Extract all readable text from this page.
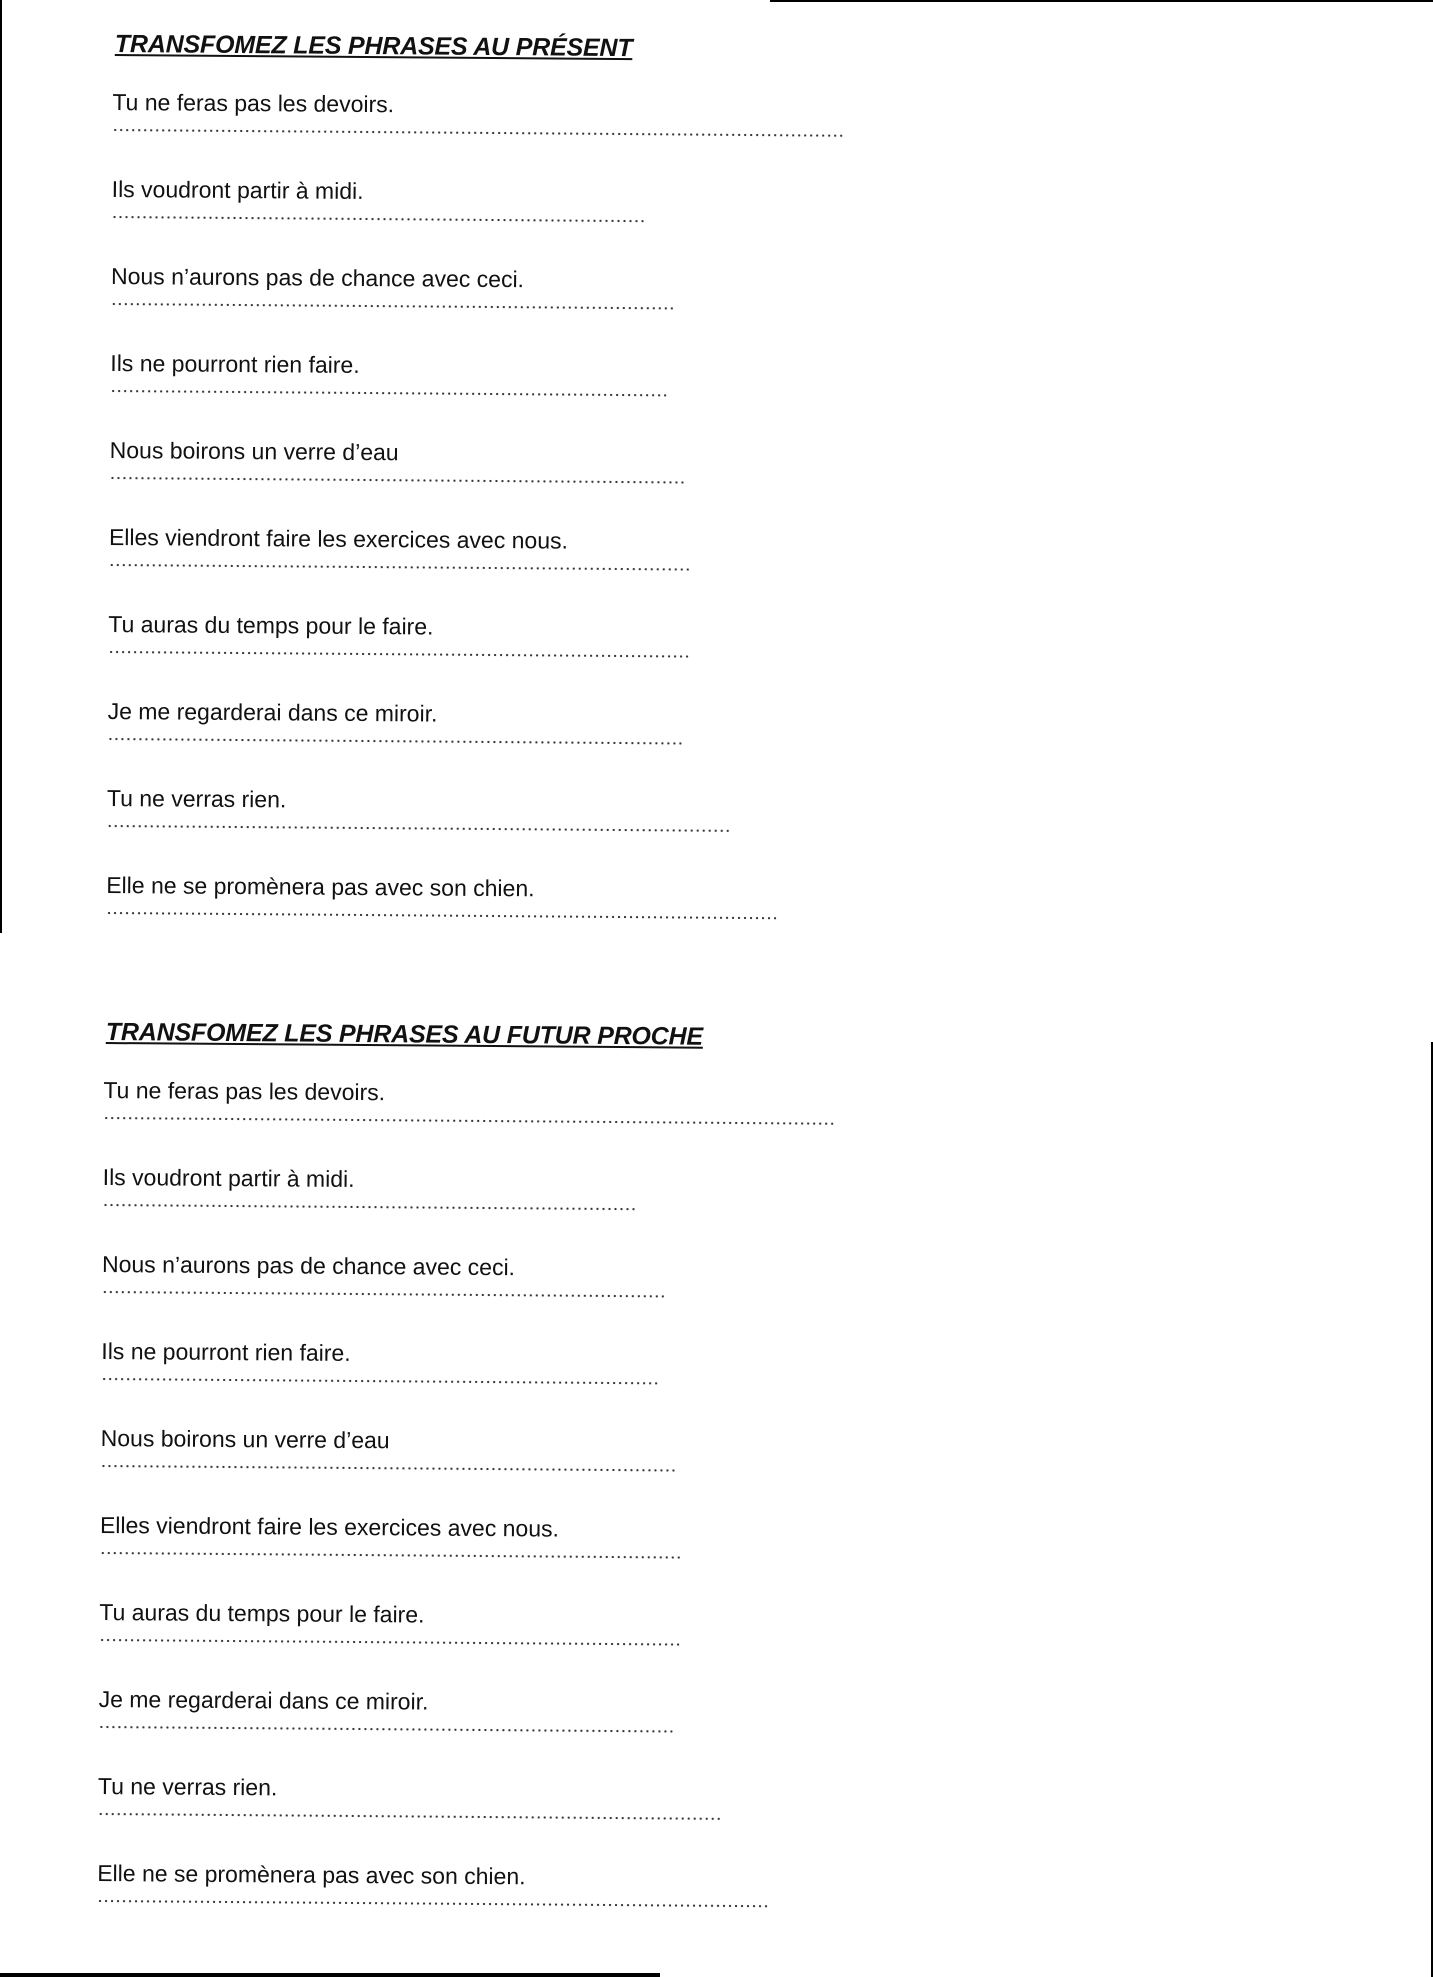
TRANSFOMEZ LES PHRASES AU PRÉSENT
Tu ne feras pas les devoirs.
Ils voudront partir à midi.
Nous n’aurons pas de chance avec ceci.
Ils ne pourront rien faire.
Nous boirons un verre d’eau
Elles viendront faire les exercices avec nous.
Tu auras du temps pour le faire.
Je me regarderai dans ce miroir.
Tu ne verras rien.
Elle ne se promènera pas avec son chien.
TRANSFOMEZ LES PHRASES AU FUTUR PROCHE
Tu ne feras pas les devoirs.
Ils voudront partir à midi.
Nous n’aurons pas de chance avec ceci.
Ils ne pourront rien faire.
Nous boirons un verre d’eau
Elles viendront faire les exercices avec nous.
Tu auras du temps pour le faire.
Je me regarderai dans ce miroir.
Tu ne verras rien.
Elle ne se promènera pas avec son chien.
